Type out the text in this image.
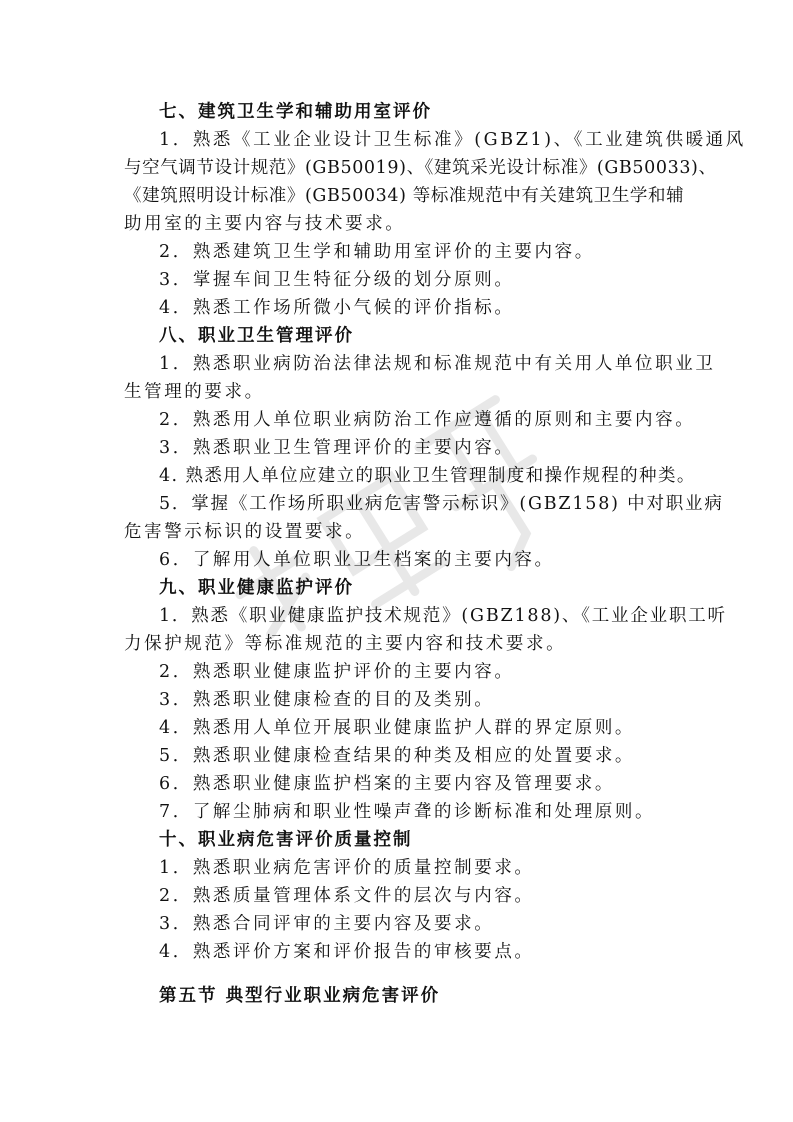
七、建筑卫生学和辅助用室评价
1．熟悉《工业企业设计卫生标准》(GBZ1)、《工业建筑供暖通风
与空气调节设计规范》(GB50019)、《建筑采光设计标准》(GB50033)、
《建筑照明设计标准》(GB50034) 等标准规范中有关建筑卫生学和辅
助用室的主要内容与技术要求。
2．熟悉建筑卫生学和辅助用室评价的主要内容。
3．掌握车间卫生特征分级的划分原则。
4．熟悉工作场所微小气候的评价指标。
八、职业卫生管理评价
1．熟悉职业病防治法律法规和标准规范中有关用人单位职业卫
生管理的要求。
2．熟悉用人单位职业病防治工作应遵循的原则和主要内容。
3．熟悉职业卫生管理评价的主要内容。
4. 熟悉用人单位应建立的职业卫生管理制度和操作规程的种类。
5．掌握《工作场所职业病危害警示标识》(GBZ158) 中对职业病
危害警示标识的设置要求。
6．了解用人单位职业卫生档案的主要内容。
九、职业健康监护评价
1．熟悉《职业健康监护技术规范》(GBZ188)、《工业企业职工听
力保护规范》等标准规范的主要内容和技术要求。
2．熟悉职业健康监护评价的主要内容。
3．熟悉职业健康检查的目的及类别。
4．熟悉用人单位开展职业健康监护人群的界定原则。
5．熟悉职业健康检查结果的种类及相应的处置要求。
6．熟悉职业健康监护档案的主要内容及管理要求。
7．了解尘肺病和职业性噪声聋的诊断标准和处理原则。
十、职业病危害评价质量控制
1．熟悉职业病危害评价的质量控制要求。
2．熟悉质量管理体系文件的层次与内容。
3．熟悉合同评审的主要内容及要求。
4．熟悉评价方案和评价报告的审核要点。
第五节 典型行业职业病危害评价
